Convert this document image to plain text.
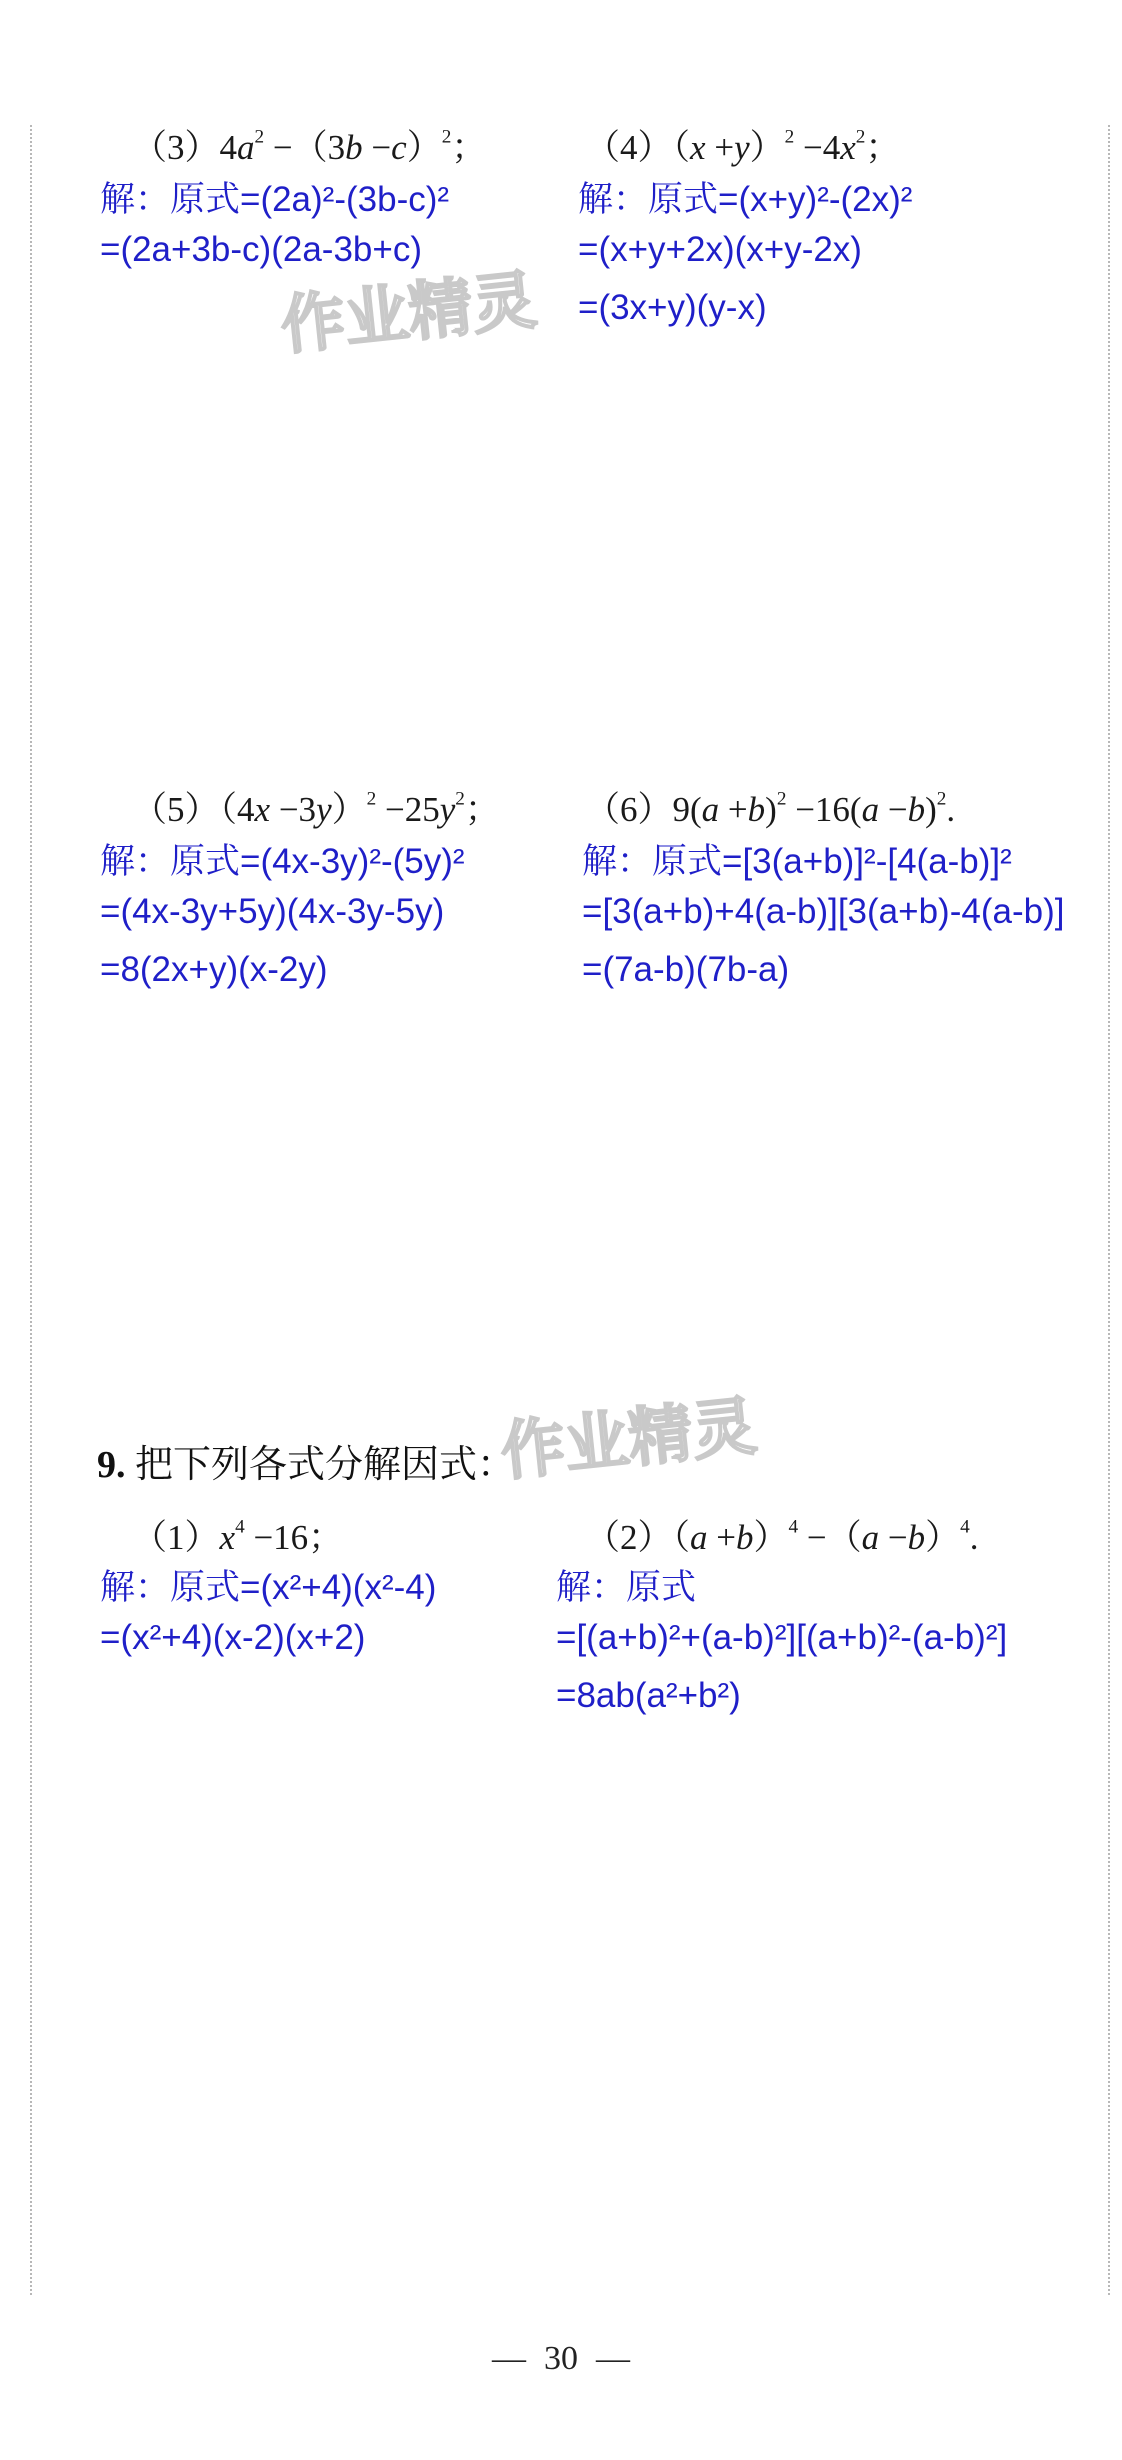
$(3)4a^2 -(3b -c)^2$；	$(4)(x +y)^2 -4x^2$；
解：原式=(2a)²-(3b-c)²
=(2a+3b-c)(2a-3b+c)
解：原式=(x+y)²-(2x)²
=(x+y+2x)(x+y-2x)
=(3x+y)(y-x)
作业精灵
$(5)(4x -3y)^2 -25y^2$； $(6)9(a +b)^2 -16(a -b)^2$.
解：原式=(4x-3y)²-(5y)²
=(4x-3y+5y)(4x-3y-5y)
=8(2x+y)(x-2y)
解：原式=[3(a+b)]²-[4(a-b)]²
=[3(a+b)+4(a-b)][3(a+b)-4(a-b)]
=(7a-b)(7b-a)
作业精灵
9. 把下列各式分解因式：
$(1)x^4 -16$；	$(2)(a +b)^4 -(a -b)^4$.
解：原式=(x²+4)(x²-4)
=(x²+4)(x-2)(x+2)
解：原式
=[(a+b)²+(a-b)²][(a+b)²-(a-b)²]
=8ab(a²+b²)
— 30 —
